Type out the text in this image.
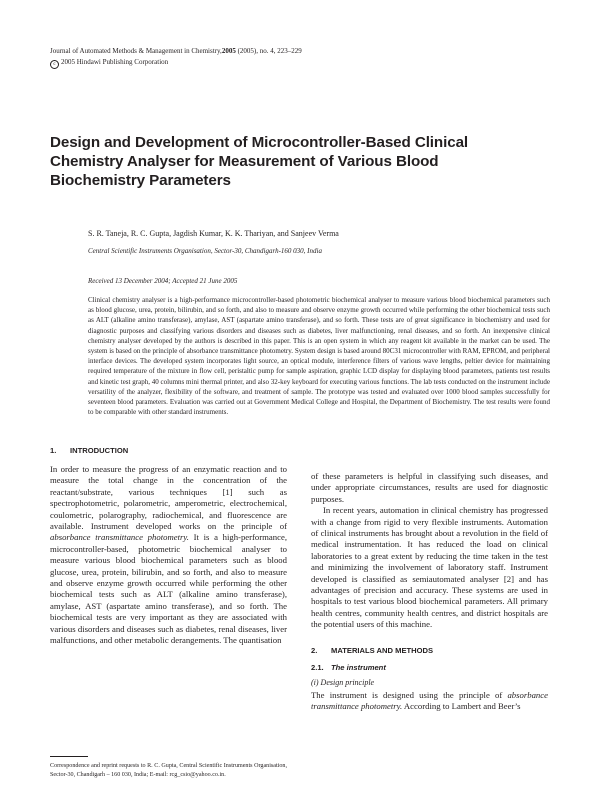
Journal of Automated Methods & Management in Chemistry,2005 (2005), no. 4, 223–229
c 2005 Hindawi Publishing Corporation
Design and Development of Microcontroller-Based Clinical Chemistry Analyser for Measurement of Various Blood Biochemistry Parameters
S. R. Taneja, R. C. Gupta, Jagdish Kumar, K. K. Thariyan, and Sanjeev Verma
Central Scientific Instruments Organisation, Sector-30, Chandigarh-160 030, India
Received 13 December 2004; Accepted 21 June 2005

Clinical chemistry analyser is a high-performance microcontroller-based photometric biochemical analyser to measure various blood biochemical parameters such as blood glucose, urea, protein, bilirubin, and so forth, and also to measure and observe enzyme growth occurred while performing the other biochemical tests such as ALT (alkaline amino transferase), amylase, AST (aspartate amino transferase), and so forth. These tests are of great significance in biochemistry and used for diagnostic purposes and classifying various disorders and diseases such as diabetes, liver malfunctioning, renal diseases, and so forth. An inexpensive clinical chemistry analyser developed by the authors is described in this paper. This is an open system in which any reagent kit available in the market can be used. The system is based on the principle of absorbance transmittance photometry. System design is based around 80C31 microcontroller with RAM, EPROM, and peripheral interface devices. The developed system incorporates light source, an optical module, interference filters of various wave lengths, peltier device for maintaining required temperature of the mixture in flow cell, peristaltic pump for sample aspiration, graphic LCD display for displaying blood parameters, patients test results and kinetic test graph, 40 columns mini thermal printer, and also 32-key keyboard for executing various functions. The lab tests conducted on the instrument include versatility of the analyzer, flexibility of the software, and treatment of sample. The prototype was tested and evaluated over 1000 blood samples successfully for seventeen blood parameters. Evaluation was carried out at Government Medical College and Hospital, the Department of Biochemistry. The test results were found to be comparable with other standard instruments.

1. INTRODUCTION

In order to measure the progress of an enzymatic reaction and to measure the total change in the concentration of the reactant/substrate, various techniques [1] such as spectrophotometric, polarometric, amperometric, electrochemical, coulometric, polarography, radiochemical, and fluorescence are available. Instrument developed works on the principle of absorbance transmittance photometry. It is a high-performance, microcontroller-based, photometric biochemical analyser to measure various blood biochemical parameters such as blood glucose, urea, protein, bilirubin, and so forth, and also to measure and observe enzyme growth occurred while performing the other biochemical tests such as ALT (alkaline amino transferase), amylase, AST (aspartate amino transferase), and so forth. The biochemical tests are very important as they are associated with various disorders and diseases such as diabetes, renal diseases, liver malfunctions, and other metabolic derangements. The quantisation

Correspondence and reprint requests to R. C. Gupta, Central Scientific Instruments Organisation, Sector-30, Chandigarh – 160 030, India; E-mail: rcg_csio@yahoo.co.in.

of these parameters is helpful in classifying such diseases, and under appropriate circumstances, results are used for diagnostic purposes.

In recent years, automation in clinical chemistry has progressed with a change from rigid to very flexible instruments. Automation of clinical instruments has brought about a revolution in the field of medical instrumentation. It has reduced the load on clinical laboratories to a great extent by reducing the time taken in the test and minimizing the involvement of laboratory staff. Instrument developed is classified as semiautomated analyser [2] and has advantages of precision and accuracy. These systems are used in hospitals to test various blood biochemical parameters. All primary health centres, community health centres, and district hospitals are the potential users of this machine.

2. MATERIALS AND METHODS
2.1. The instrument
(i) Design principle

The instrument is designed using the principle of absorbance transmittance photometry. According to Lambert and Beer’s
